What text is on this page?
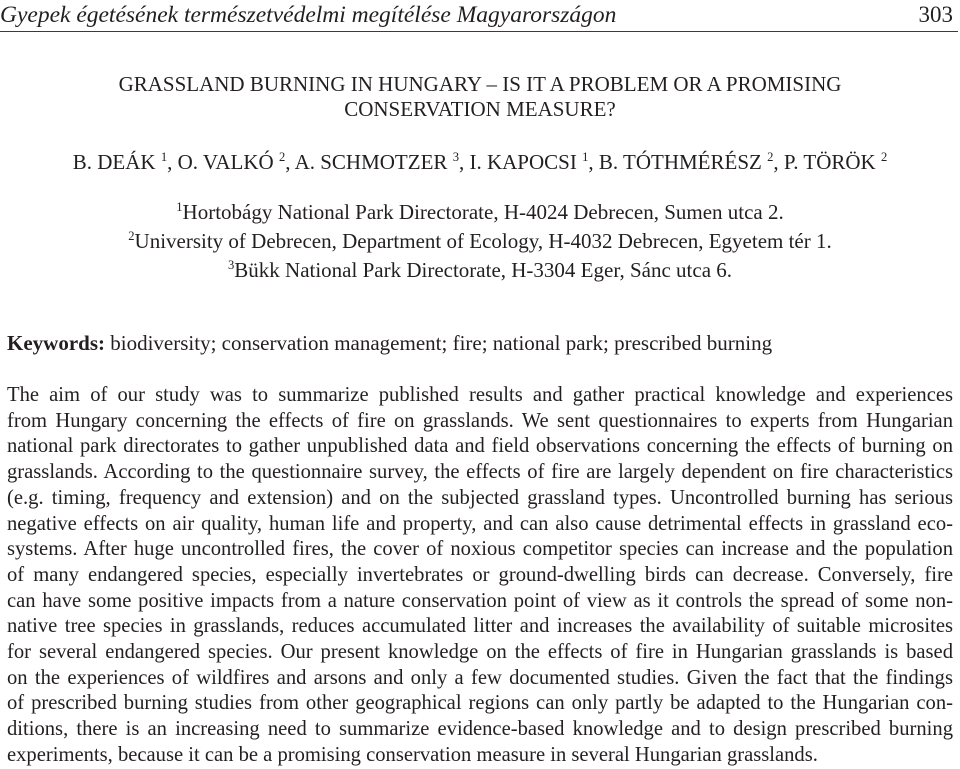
Gyepek égetésének természetvédelmi megítélése Magyarországon	303
GRASSLAND BURNING IN HUNGARY – IS IT A PROBLEM OR A PROMISING
CONSERVATION MEASURE?
B. DEÁK $^1$, O. VALKÓ $^2$, A. SCHMOTZER $^3$, I. KAPOCSI $^1$, B. TÓTHMÉRÉSZ $^2$, P. TÖRÖK $^2$
$^1$Hortobágy National Park Directorate, H-4024 Debrecen, Sumen utca 2.
$^2$University of Debrecen, Department of Ecology, H-4032 Debrecen, Egyetem tér 1.
$^3$Bükk National Park Directorate, H-3304 Eger, Sánc utca 6.
Keywords: biodiversity; conservation management; fire; national park; prescribed burning
The aim of our study was to summarize published results and gather practical knowledge and experiences
from Hungary concerning the effects of fire on grasslands. We sent questionnaires to experts from Hungarian
national park directorates to gather unpublished data and field observations concerning the effects of burning on
grasslands. According to the questionnaire survey, the effects of fire are largely dependent on fire characteristics
(e.g. timing, frequency and extension) and on the subjected grassland types. Uncontrolled burning has serious
negative effects on air quality, human life and property, and can also cause detrimental effects in grassland eco-
systems. After huge uncontrolled fires, the cover of noxious competitor species can increase and the population
of many endangered species, especially invertebrates or ground-dwelling birds can decrease. Conversely, fire
can have some positive impacts from a nature conservation point of view as it controls the spread of some non-
native tree species in grasslands, reduces accumulated litter and increases the availability of suitable microsites
for several endangered species. Our present knowledge on the effects of fire in Hungarian grasslands is based
on the experiences of wildfires and arsons and only a few documented studies. Given the fact that the findings
of prescribed burning studies from other geographical regions can only partly be adapted to the Hungarian con-
ditions, there is an increasing need to summarize evidence-based knowledge and to design prescribed burning
experiments, because it can be a promising conservation measure in several Hungarian grasslands.
